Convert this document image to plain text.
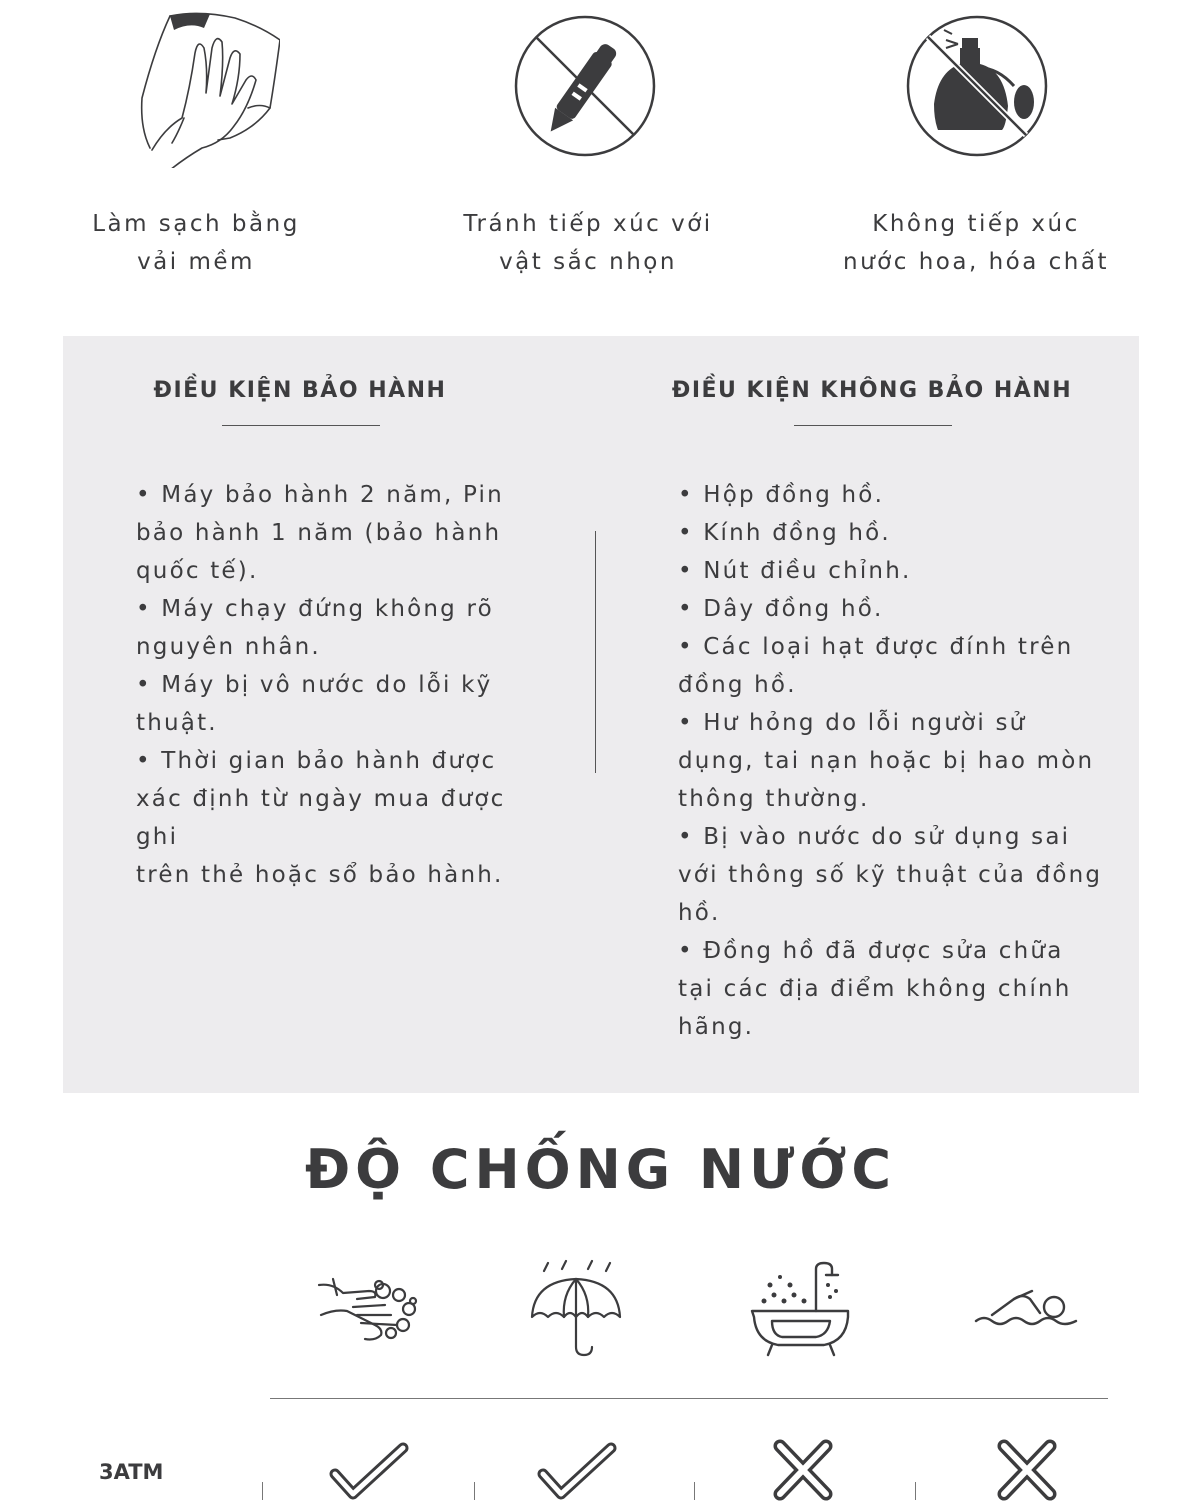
Làm sạch bằng
vải mềm
Tránh tiếp xúc với
vật sắc nhọn
Không tiếp xúc
nước hoa, hóa chất
ĐIỀU KIỆN BẢO HÀNH	ĐIỀU KIỆN KHÔNG BẢO HÀNH

• Máy bảo hành 2 năm, Pin

bảo hành 1 năm (bảo hành

quốc tế).

• Máy chạy đứng không rõ

nguyên nhân.

• Máy bị vô nước do lỗi kỹ

thuật.

• Thời gian bảo hành được

xác định từ ngày mua được ghi

trên thẻ hoặc sổ bảo hành.

• Hộp đồng hồ.

• Kính đồng hồ.

• Nút điều chỉnh.

• Dây đồng hồ.

• Các loại hạt được đính trên

đồng hồ.

• Hư hỏng do lỗi người sử

dụng, tai nạn hoặc bị hao mòn

thông thường.

• Bị vào nước do sử dụng sai

với thông số kỹ thuật của đồng

hồ.

• Đồng hồ đã được sửa chữa

tại các địa điểm không chính

hãng.

ĐỘ CHỐNG NƯỚC
3ATM
